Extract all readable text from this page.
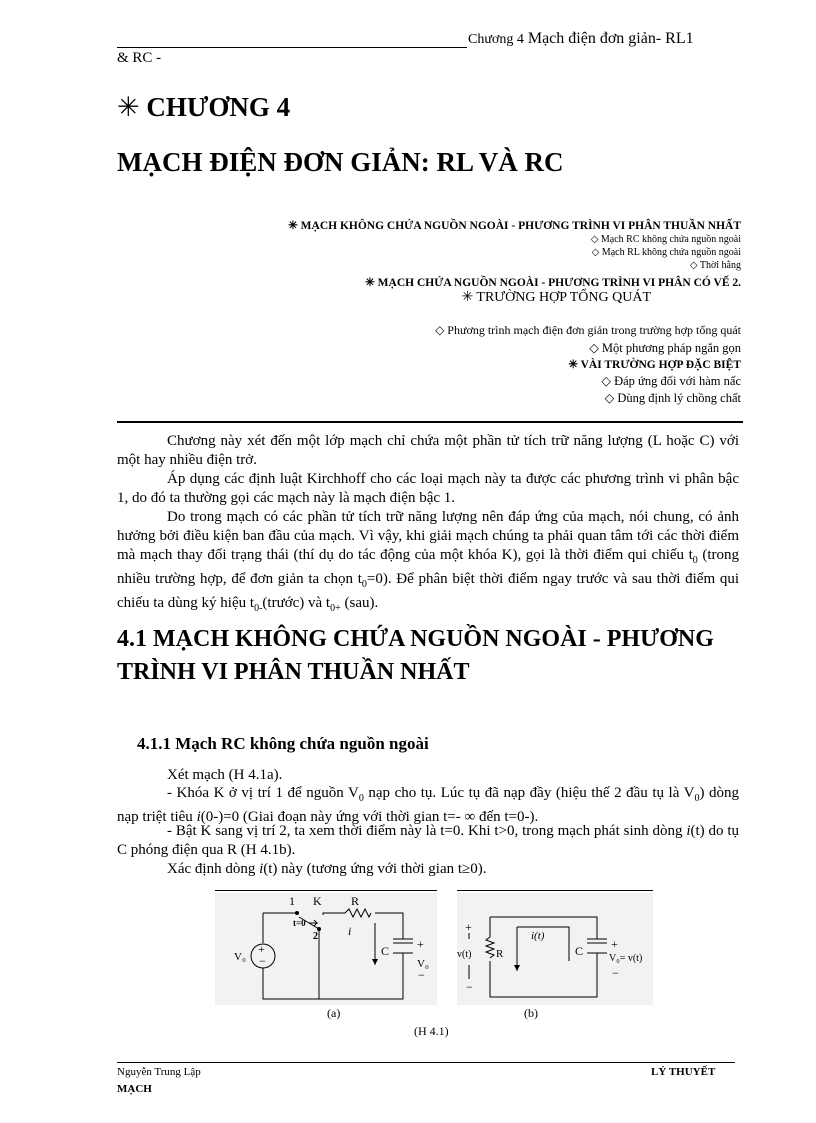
Chương 4 Mạch điện đơn giản- RL1
& RC -
✳ CHƯƠNG 4
MẠCH ĐIỆN ĐƠN GIẢN: RL VÀ RC
✳ MẠCH KHÔNG CHỨA NGUỒN NGOÀI - PHƯƠNG TRÌNH VI PHÂN THUẦN NHẤT
◇ Mạch RC không chứa nguồn ngoài
◇ Mạch RL không chứa nguồn ngoài
◇ Thời hằng
✳ MẠCH CHỨA NGUỒN NGOÀI - PHƯƠNG TRÌNH VI PHÂN CÓ VẾ 2.
✳ TRƯỜNG HỢP TỔNG QUÁT
◇ Phương trình mạch điện đơn giản trong trường hợp tổng quát
◇ Một phương pháp ngắn gọn
✳ VÀI TRƯỜNG HỢP ĐẶC BIỆT
◇ Đáp ứng đối với hàm nấc
◇ Dùng định lý chồng chất

Chương này xét đến một lớp mạch chỉ chứa một phần tử tích trữ năng lượng (L hoặc C) với một hay nhiều điện trở.

Áp dụng các định luật Kirchhoff cho các loại mạch này ta được các phương trình vi phân bậc 1, do đó ta thường gọi các mạch này là mạch điện bậc 1.

Do trong mạch có các phần tử tích trữ năng lượng nên đáp ứng của mạch, nói chung, có ảnh hưởng bởi điều kiện ban đầu của mạch. Vì vậy, khi giải mạch chúng ta phải quan tâm tới các thời điểm mà mạch thay đổi trạng thái (thí dụ do tác động của một khóa K), gọi là thời điểm qui chiếu $t_0$ (trong nhiều trường hợp, để đơn giản ta chọn $t_0=0$). Để phân biệt thời điểm ngay trước và sau thời điểm qui chiếu ta dùng ký hiệu $t_{0-}(trước)$ và $t_{0+}$ (sau).

4.1 MẠCH KHÔNG CHỨA NGUỒN NGOÀI - PHƯƠNG TRÌNH VI PHÂN THUẦN NHẤT
4.1.1 Mạch RC không chứa nguồn ngoài

Xét mạch (H 4.1a).

- Khóa K ở vị trí 1 để nguồn $V_0$ nạp cho tụ. Lúc tụ đã nạp đầy (hiệu thế 2 đầu tụ là $V_0$) dòng nạp triệt tiêu i(0-)=0 (Giai đoạn này ứng với thời gian t=- ∞ đến t=0-).

- Bật K sang vị trí 2, ta xem thời điểm này là t=0. Khi t>0, trong mạch phát sinh dòng i(t) do tụ C phóng điện qua R (H 4.1b).

Xác định dòng i(t) này (tương ứng với thời gian t≥0).

1 K R
t=0
2	i
+
−
V₀	C +
V₀
−
(a)
i(t)
R
+
v(t)
−
C +
V₀= v(t)
−
(b)
(H 4.1)
Nguyễn Trung Lập	LÝ THUYẾT
MẠCH
